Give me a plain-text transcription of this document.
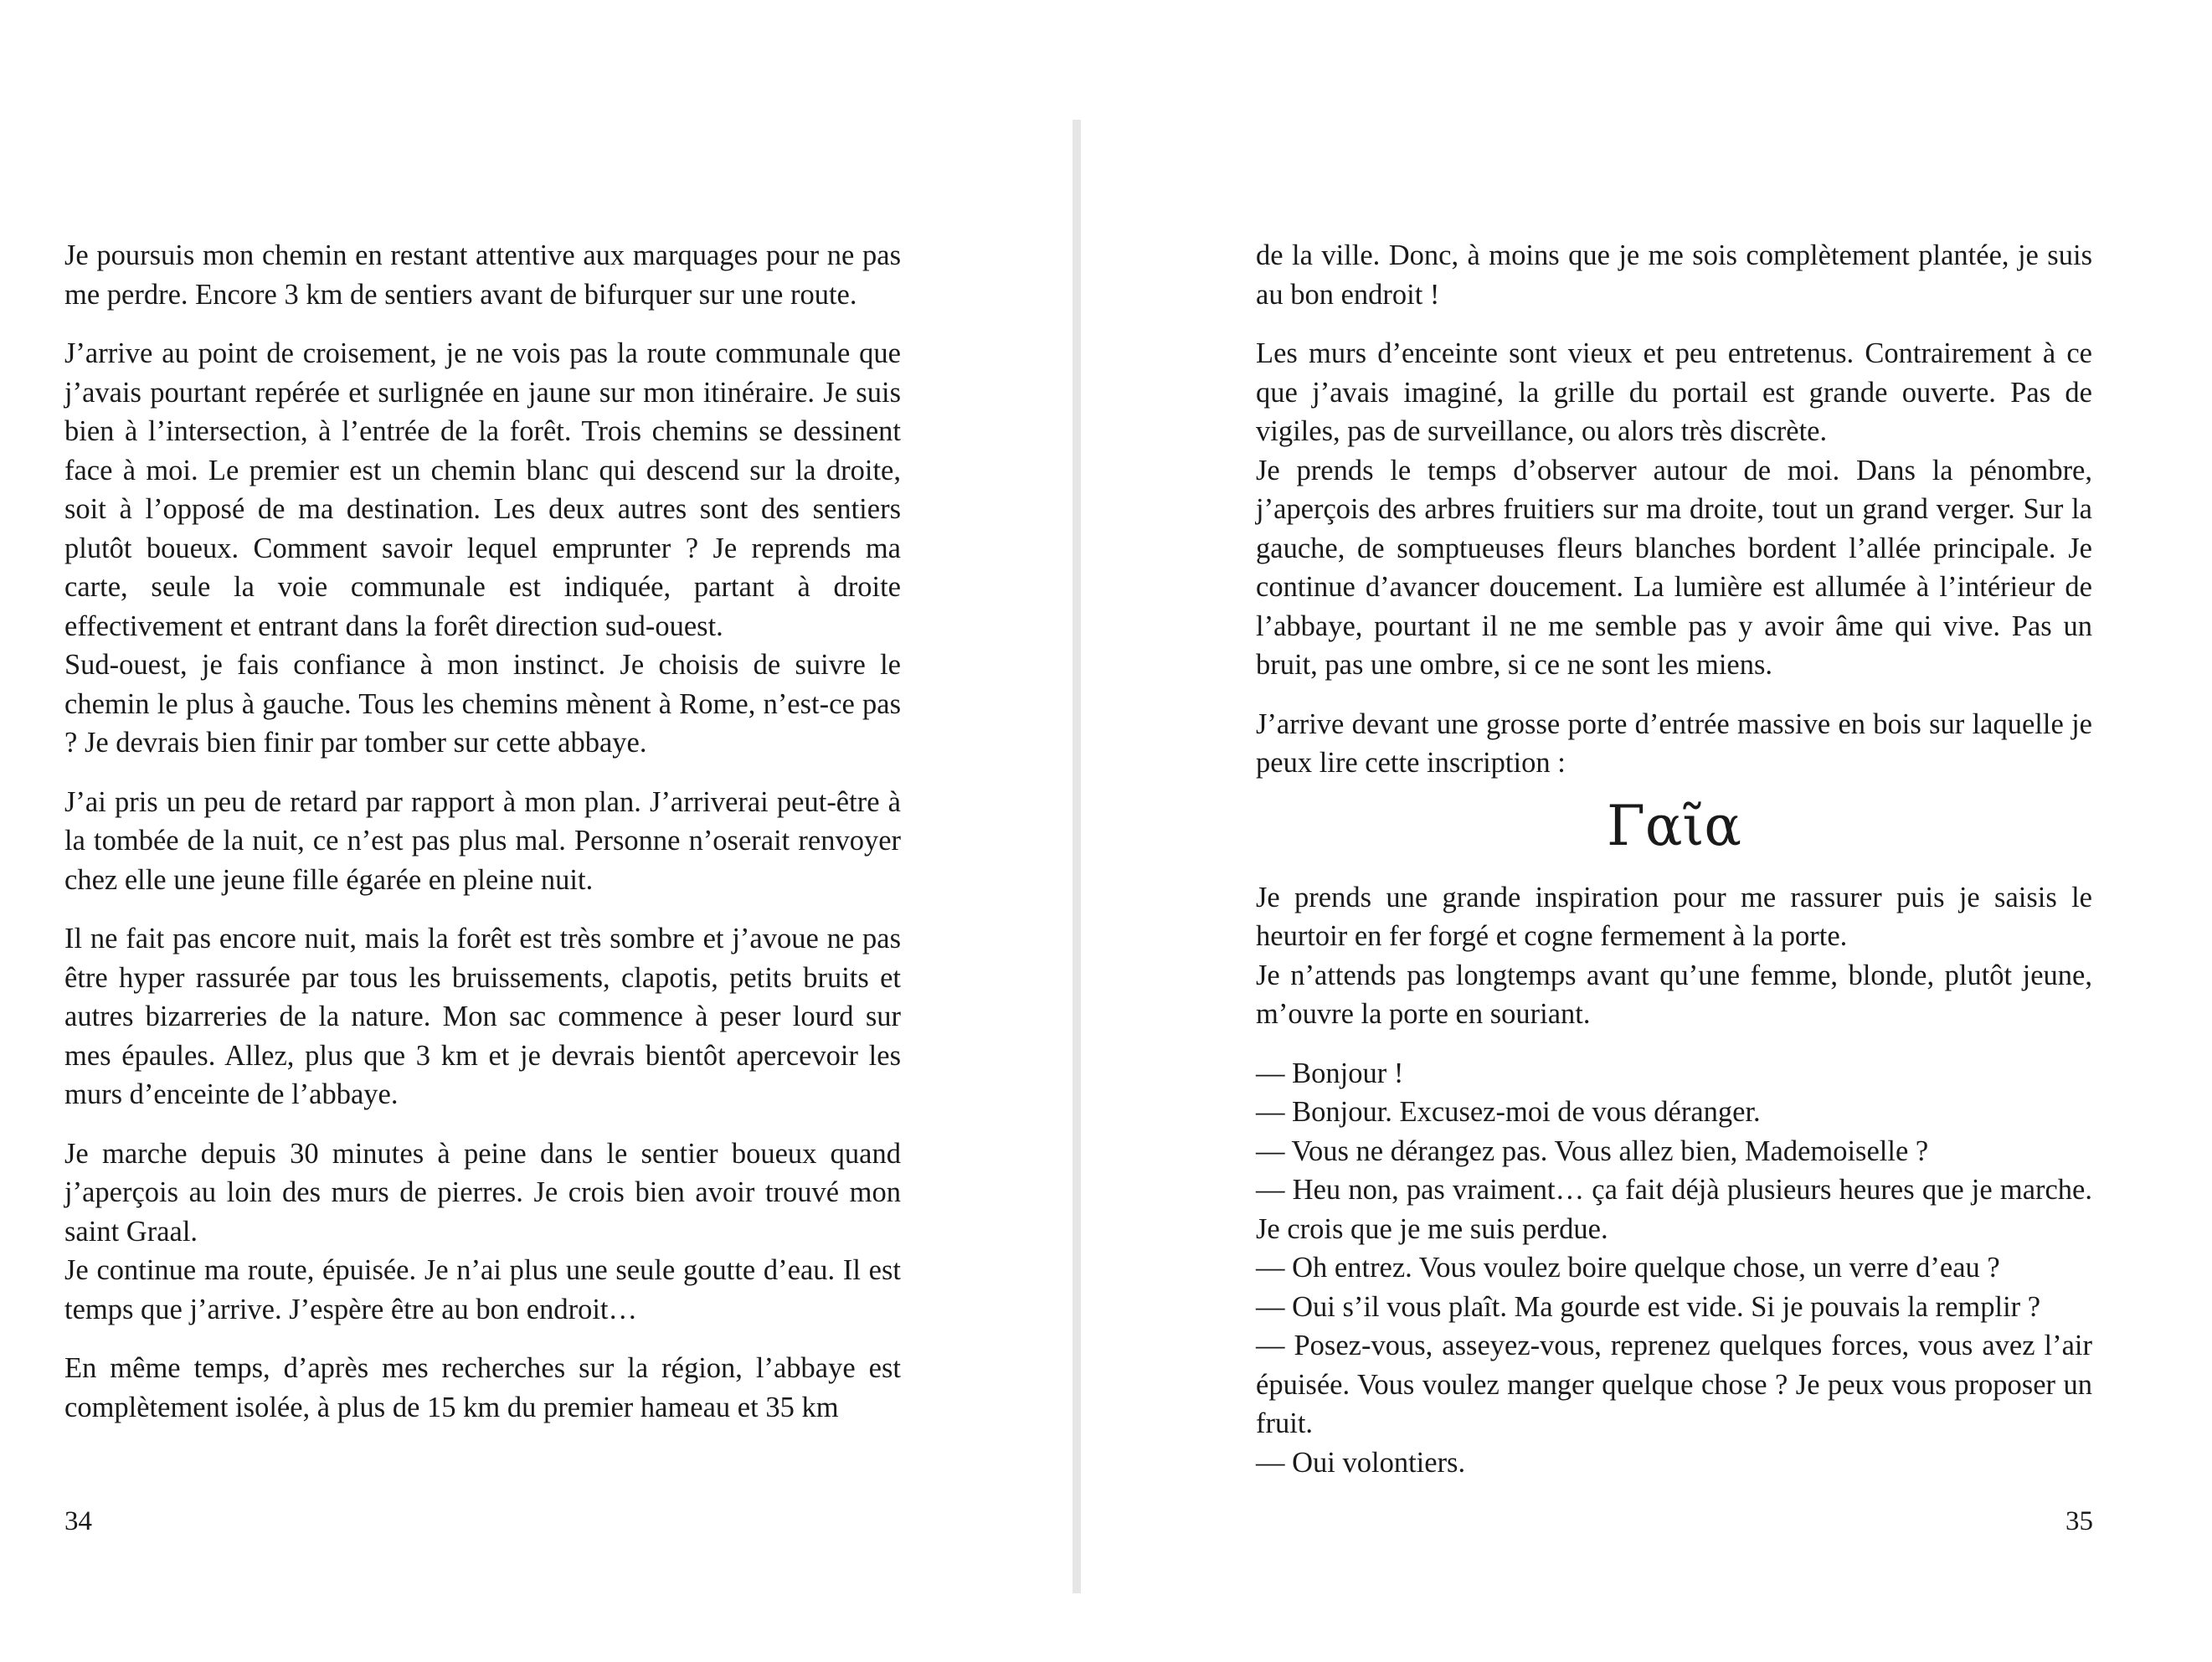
Je poursuis mon chemin en restant attentive aux marquages pour ne pas me perdre. Encore 3 km de sentiers avant de bifurquer sur une route.

J’arrive au point de croisement, je ne vois pas la route communale que j’avais pourtant repérée et surlignée en jaune sur mon itinéraire. Je suis bien à l’intersection, à l’entrée de la forêt. Trois chemins se dessinent face à moi. Le premier est un chemin blanc qui descend sur la droite, soit à l’opposé de ma destination. Les deux autres sont des sentiers plutôt boueux. Comment savoir lequel emprunter ? Je reprends ma carte, seule la voie communale est indiquée, partant à droite effectivement et entrant dans la forêt direction sud-ouest.

Sud-ouest, je fais confiance à mon instinct. Je choisis de suivre le chemin le plus à gauche. Tous les chemins mènent à Rome, n’est-ce pas ? Je devrais bien finir par tomber sur cette abbaye.

J’ai pris un peu de retard par rapport à mon plan. J’arriverai peut-être à la tombée de la nuit, ce n’est pas plus mal. Personne n’oserait renvoyer chez elle une jeune fille égarée en pleine nuit.

Il ne fait pas encore nuit, mais la forêt est très sombre et j’avoue ne pas être hyper rassurée par tous les bruissements, clapotis, petits bruits et autres bizarreries de la nature. Mon sac commence à peser lourd sur mes épaules. Allez, plus que 3 km et je devrais bientôt apercevoir les murs d’enceinte de l’abbaye.

Je marche depuis 30 minutes à peine dans le sentier boueux quand j’aperçois au loin des murs de pierres. Je crois bien avoir trouvé mon saint Graal.

Je continue ma route, épuisée. Je n’ai plus une seule goutte d’eau. Il est temps que j’arrive. J’espère être au bon endroit…

En même temps, d’après mes recherches sur la région, l’abbaye est complètement isolée, à plus de 15 km du premier hameau et 35 km

34

de la ville. Donc, à moins que je me sois complètement plantée, je suis au bon endroit !

Les murs d’enceinte sont vieux et peu entretenus. Contrairement à ce que j’avais imaginé, la grille du portail est grande ouverte. Pas de vigiles, pas de surveillance, ou alors très discrète.

Je prends le temps d’observer autour de moi. Dans la pénombre, j’aperçois des arbres fruitiers sur ma droite, tout un grand verger. Sur la gauche, de somptueuses fleurs blanches bordent l’allée principale. Je continue d’avancer doucement. La lumière est allumée à l’intérieur de l’abbaye, pourtant il ne me semble pas y avoir âme qui vive. Pas un bruit, pas une ombre, si ce ne sont les miens.

J’arrive devant une grosse porte d’entrée massive en bois sur laquelle je peux lire cette inscription :

Γαῖα

Je prends une grande inspiration pour me rassurer puis je saisis le heurtoir en fer forgé et cogne fermement à la porte.

Je n’attends pas longtemps avant qu’une femme, blonde, plutôt jeune, m’ouvre la porte en souriant.

— Bonjour !

— Bonjour. Excusez-moi de vous déranger.

— Vous ne dérangez pas. Vous allez bien, Mademoiselle ?

— Heu non, pas vraiment… ça fait déjà plusieurs heures que je marche. Je crois que je me suis perdue.

— Oh entrez. Vous voulez boire quelque chose, un verre d’eau ?

— Oui s’il vous plaît. Ma gourde est vide. Si je pouvais la remplir ?

— Posez-vous, asseyez-vous, reprenez quelques forces, vous avez l’air épuisée. Vous voulez manger quelque chose ? Je peux vous proposer un fruit.

— Oui volontiers.

35
